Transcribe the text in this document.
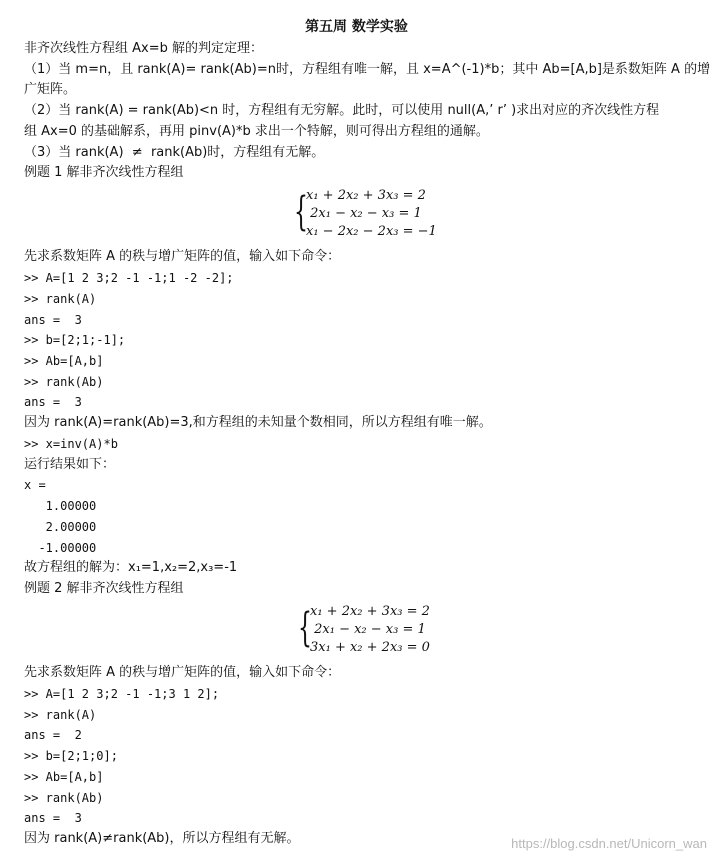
第五周 数学实验
非齐次线性方程组 Ax=b 解的判定定理：
（1）当 m=n，且 rank(A)= rank(Ab)=n时，方程组有唯一解，且 x=A^(-1)*b；其中 Ab=[A,b]是系数矩阵 A 的增
广矩阵。
（2）当 rank(A) = rank(Ab)<n 时，方程组有无穷解。此时，可以使用 null(A,’ r’ )求出对应的齐次线性方程
组 Ax=0 的基础解系，再用 pinv(A)*b 求出一个特解，则可得出方程组的通解。
（3）当 rank(A)  ≠  rank(Ab)时，方程组有无解。
例题 1 解非齐次线性方程组
{
x₁ + 2x₂ + 3x₃ = 2
2x₁ − x₂ − x₃ = 1
x₁ − 2x₂ − 2x₃ = −1
先求系数矩阵 A 的秩与增广矩阵的值，输入如下命令：
>> A=[1 2 3;2 -1 -1;1 -2 -2];
>> rank(A)
ans =  3
>> b=[2;1;-1];
>> Ab=[A,b]
>> rank(Ab)
ans =  3
因为 rank(A)=rank(Ab)=3,和方程组的未知量个数相同，所以方程组有唯一解。
>> x=inv(A)*b
运行结果如下：
x =
1.00000
2.00000
-1.00000
故方程组的解为：x₁=1,x₂=2,x₃=-1
例题 2 解非齐次线性方程组
{
x₁ + 2x₂ + 3x₃ = 2
2x₁ − x₂ − x₃ = 1
3x₁ + x₂ + 2x₃ = 0
先求系数矩阵 A 的秩与增广矩阵的值，输入如下命令：
>> A=[1 2 3;2 -1 -1;3 1 2];
>> rank(A)
ans =  2
>> b=[2;1;0];
>> Ab=[A,b]
>> rank(Ab)
ans =  3
因为 rank(A)≠rank(Ab)，所以方程组有无解。	https://blog.csdn.net/Unicorn_wan
